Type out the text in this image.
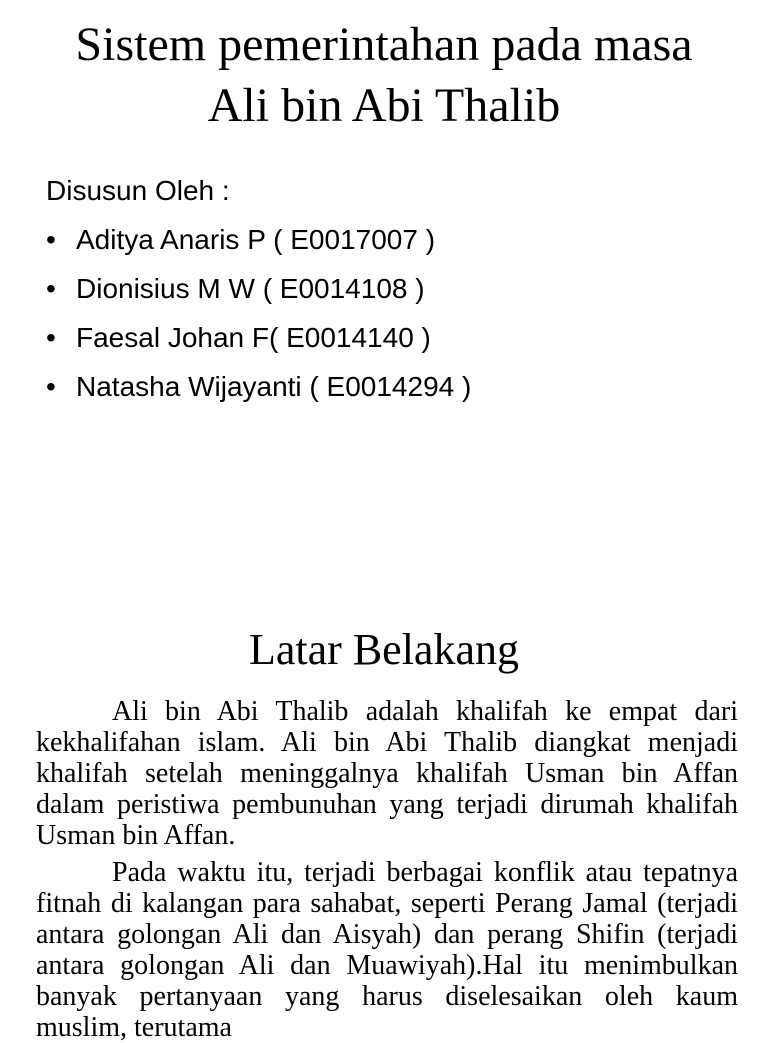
Sistem pemerintahan pada masa
Ali bin Abi Thalib
Disusun Oleh :
• Aditya Anaris P ( E0017007 )
• Dionisius M W ( E0014108 )
• Faesal Johan F( E0014140 )
• Natasha Wijayanti ( E0014294 )
Latar Belakang

Ali bin Abi Thalib adalah khalifah ke empat dari kekhalifahan islam. Ali bin Abi Thalib diangkat menjadi khalifah setelah meninggalnya khalifah Usman bin Affan dalam peristiwa pembunuhan yang terjadi dirumah khalifah Usman bin Affan.

Pada waktu itu, terjadi berbagai konflik atau tepatnya fitnah di kalangan para sahabat, seperti Perang Jamal (terjadi antara golongan Ali dan Aisyah) dan perang Shifin (terjadi antara golongan Ali dan Muawiyah).Hal itu menimbulkan banyak pertanyaan yang harus diselesaikan oleh kaum muslim, terutama
